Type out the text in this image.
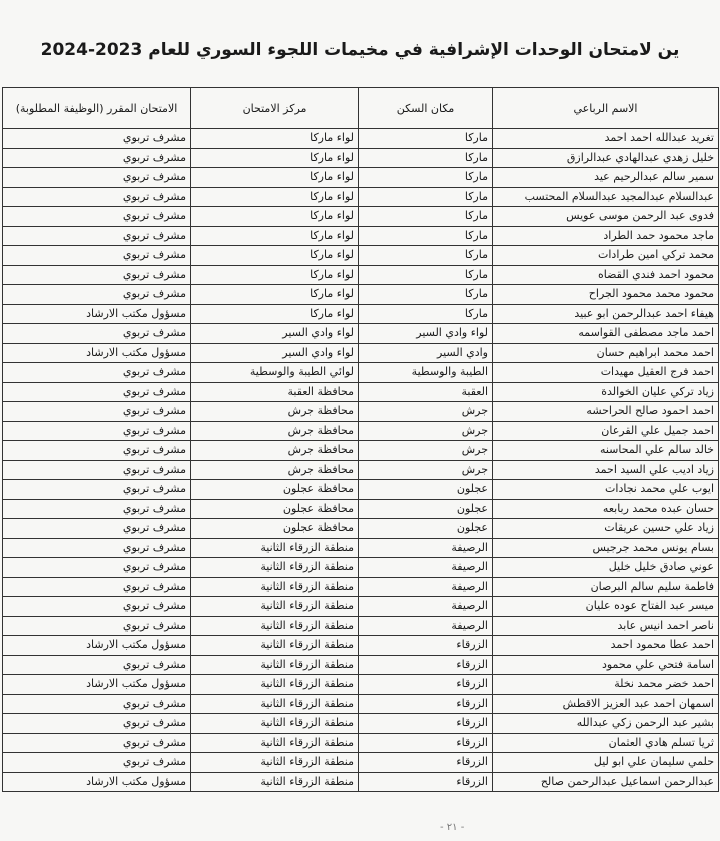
ين لامتحان الوحدات الإشرافية في مخيمات اللجوء السوري للعام 2023-2024
الاسم الرباعي	مكان السكن	مركز الامتحان	الامتحان المقرر (الوظيفة المطلوبة)
تغريد عبدالله احمد احمد	ماركا	لواء ماركا	مشرف تربوي
خليل زهدي عبدالهادي عبدالرازق	ماركا	لواء ماركا	مشرف تربوي
سمير سالم عبدالرحيم عيد	ماركا	لواء ماركا	مشرف تربوي
عبدالسلام عبدالمجيد عبدالسلام المحتسب	ماركا	لواء ماركا	مشرف تربوي
فدوى عبد الرحمن موسى عويس	ماركا	لواء ماركا	مشرف تربوي
ماجد محمود حمد الطراد	ماركا	لواء ماركا	مشرف تربوي
محمد تركي امين طرادات	ماركا	لواء ماركا	مشرف تربوي
محمود احمد فندي القضاه	ماركا	لواء ماركا	مشرف تربوي
محمود محمد محمود الجراح	ماركا	لواء ماركا	مشرف تربوي
هيفاء احمد عبدالرحمن ابو عبيد	ماركا	لواء ماركا	مسؤول مكتب الارشاد
احمد ماجد مصطفى القواسمه	لواء وادي السير	لواء وادي السير	مشرف تربوي
احمد محمد ابراهيم حسان	وادي السير	لواء وادي السير	مسؤول مكتب الارشاد
احمد فرج العقيل مهيدات	الطيبة والوسطية	لوائي الطيبة والوسطية	مشرف تربوي
زياد تركي عليان الخوالدة	العقبة	محافظة العقبة	مشرف تربوي
احمد احمود صالح الحراحشه	جرش	محافظة جرش	مشرف تربوي
احمد جميل علي القرعان	جرش	محافظة جرش	مشرف تربوي
خالد سالم علي المحاسنه	جرش	محافظة جرش	مشرف تربوي
زياد اديب علي السيد احمد	جرش	محافظة جرش	مشرف تربوي
ايوب علي محمد نجادات	عجلون	محافظة عجلون	مشرف تربوي
حسان عبده محمد ربابعه	عجلون	محافظة عجلون	مشرف تربوي
زياد علي حسين عريقات	عجلون	محافظة عجلون	مشرف تربوي
بسام يونس محمد جرجيس	الرصيفة	منطقة الزرقاء الثانية	مشرف تربوي
عوني صادق خليل خليل	الرصيفة	منطقة الزرقاء الثانية	مشرف تربوي
فاطمة سليم سالم البرصان	الرصيفة	منطقة الزرقاء الثانية	مشرف تربوي
ميسر عبد الفتاح عوده عليان	الرصيفة	منطقة الزرقاء الثانية	مشرف تربوي
ناصر احمد انيس عابد	الرصيفة	منطقة الزرقاء الثانية	مشرف تربوي
احمد عطا محمود احمد	الزرقاء	منطقة الزرقاء الثانية	مسؤول مكتب الارشاد
اسامة فتحي علي محمود	الزرقاء	منطقة الزرقاء الثانية	مشرف تربوي
احمد خضر محمد نخلة	الزرقاء	منطقة الزرقاء الثانية	مسؤول مكتب الارشاد
اسمهان احمد عبد العزيز الاقطش	الزرقاء	منطقة الزرقاء الثانية	مشرف تربوي
بشير عبد الرحمن زكي عبدالله	الزرقاء	منطقة الزرقاء الثانية	مشرف تربوي
ثريا تسلم هادي العثمان	الزرقاء	منطقة الزرقاء الثانية	مشرف تربوي
حلمي سليمان علي ابو ليل	الزرقاء	منطقة الزرقاء الثانية	مشرف تربوي
عبدالرحمن اسماعيل عبدالرحمن صالح	الزرقاء	منطقة الزرقاء الثانية	مسؤول مكتب الارشاد
- ٢١ -
